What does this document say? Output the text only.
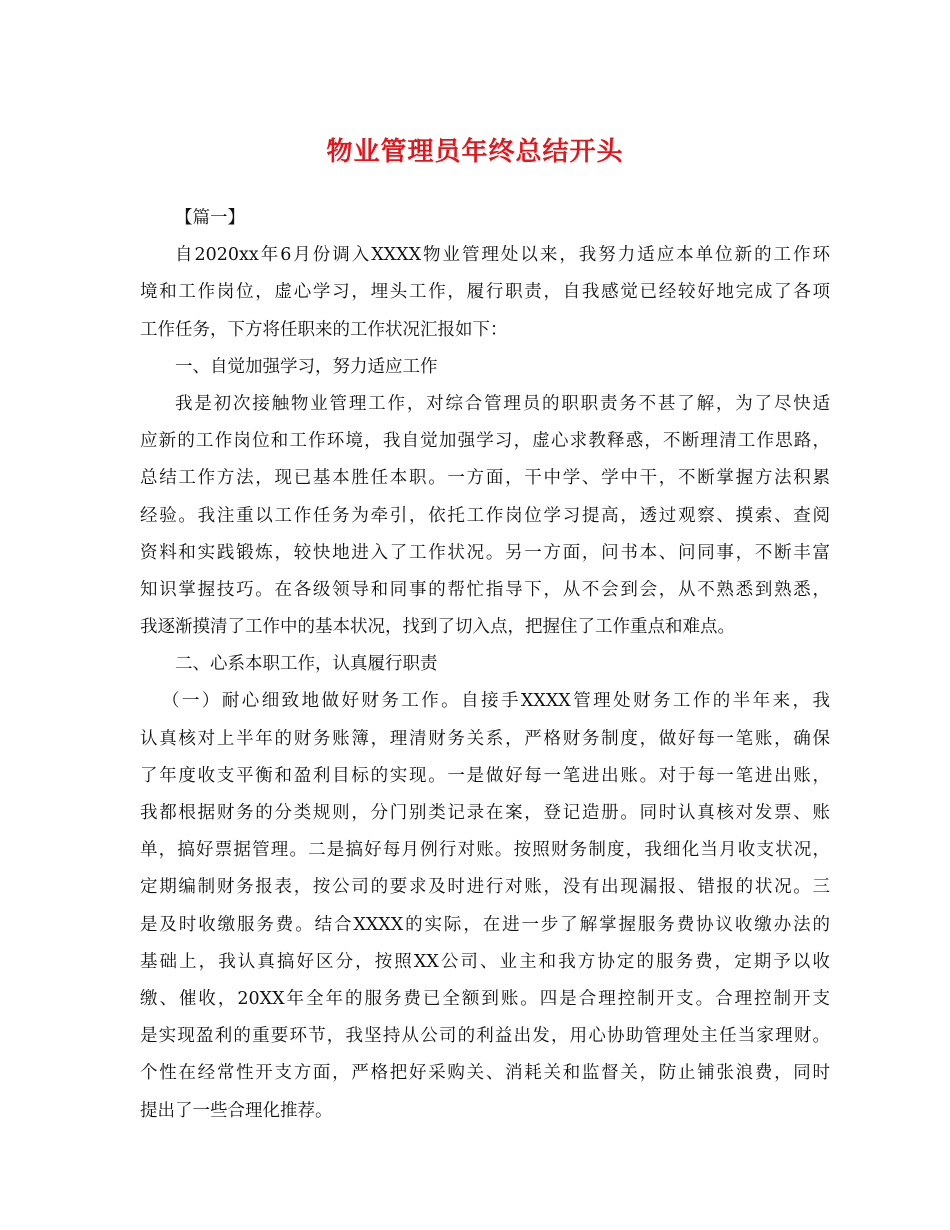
物业管理员年终总结开头
【篇一】
自2020xx年6月份调入XXXX物业管理处以来，我努力适应本单位新的工作环
境和工作岗位，虚心学习，埋头工作，履行职责，自我感觉已经较好地完成了各项
工作任务，下方将任职来的工作状况汇报如下：
一、自觉加强学习，努力适应工作
我是初次接触物业管理工作，对综合管理员的职职责务不甚了解，为了尽快适
应新的工作岗位和工作环境，我自觉加强学习，虚心求教释惑，不断理清工作思路，
总结工作方法，现已基本胜任本职。一方面，干中学、学中干，不断掌握方法积累
经验。我注重以工作任务为牵引，依托工作岗位学习提高，透过观察、摸索、查阅
资料和实践锻炼，较快地进入了工作状况。另一方面，问书本、问同事，不断丰富
知识掌握技巧。在各级领导和同事的帮忙指导下，从不会到会，从不熟悉到熟悉，
我逐渐摸清了工作中的基本状况，找到了切入点，把握住了工作重点和难点。
二、心系本职工作，认真履行职责
（一）耐心细致地做好财务工作。自接手XXXX管理处财务工作的半年来，我
认真核对上半年的财务账簿，理清财务关系，严格财务制度，做好每一笔账，确保
了年度收支平衡和盈利目标的实现。一是做好每一笔进出账。对于每一笔进出账，
我都根据财务的分类规则，分门别类记录在案，登记造册。同时认真核对发票、账
单，搞好票据管理。二是搞好每月例行对账。按照财务制度，我细化当月收支状况，
定期编制财务报表，按公司的要求及时进行对账，没有出现漏报、错报的状况。三
是及时收缴服务费。结合XXXX的实际，在进一步了解掌握服务费协议收缴办法的
基础上，我认真搞好区分，按照XX公司、业主和我方协定的服务费，定期予以收
缴、催收，20XX年全年的服务费已全额到账。四是合理控制开支。合理控制开支
是实现盈利的重要环节，我坚持从公司的利益出发，用心协助管理处主任当家理财。
个性在经常性开支方面，严格把好采购关、消耗关和监督关，防止铺张浪费，同时
提出了一些合理化推荐。
